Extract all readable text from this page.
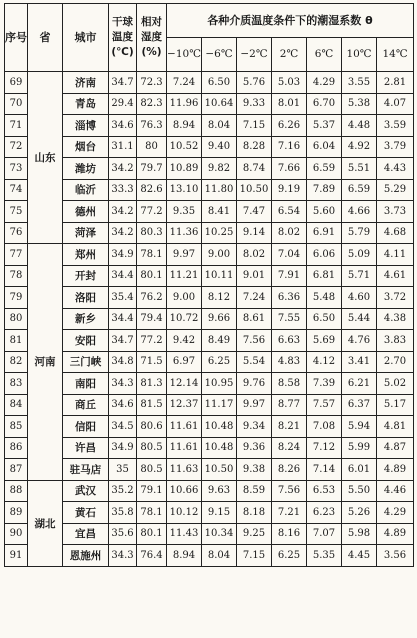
序号	省	城市	干球温度(℃)	相对湿度(%)	各种介质温度条件下的潮湿系数 θ						
					−10℃	−6℃	−2℃	2℃	6℃	10℃	14℃
69	山东	济南	34.7	72.3	7.24	6.50	5.76	5.03	4.29	3.55	2.81
70		青岛	29.4	82.3	11.96	10.64	9.33	8.01	6.70	5.38	4.07
71		淄博	34.6	76.3	8.94	8.04	7.15	6.26	5.37	4.48	3.59
72		烟台	31.1	80	10.52	9.40	8.28	7.16	6.04	4.92	3.79
73		潍坊	34.2	79.7	10.89	9.82	8.74	7.66	6.59	5.51	4.43
74		临沂	33.3	82.6	13.10	11.80	10.50	9.19	7.89	6.59	5.29
75		德州	34.2	77.2	9.35	8.41	7.47	6.54	5.60	4.66	3.73
76		菏泽	34.2	80.3	11.36	10.25	9.14	8.02	6.91	5.79	4.68
77	河南	郑州	34.9	78.1	9.97	9.00	8.02	7.04	6.06	5.09	4.11
78		开封	34.4	80.1	11.21	10.11	9.01	7.91	6.81	5.71	4.61
79		洛阳	35.4	76.2	9.00	8.12	7.24	6.36	5.48	4.60	3.72
80		新乡	34.4	79.4	10.72	9.66	8.61	7.55	6.50	5.44	4.38
81		安阳	34.7	77.2	9.42	8.49	7.56	6.63	5.69	4.76	3.83
82		三门峡	34.8	71.5	6.97	6.25	5.54	4.83	4.12	3.41	2.70
83		南阳	34.3	81.3	12.14	10.95	9.76	8.58	7.39	6.21	5.02
84		商丘	34.6	81.5	12.37	11.17	9.97	8.77	7.57	6.37	5.17
85		信阳	34.5	80.6	11.61	10.48	9.34	8.21	7.08	5.94	4.81
86		许昌	34.9	80.5	11.61	10.48	9.36	8.24	7.12	5.99	4.87
87		驻马店	35	80.5	11.63	10.50	9.38	8.26	7.14	6.01	4.89
88	湖北	武汉	35.2	79.1	10.66	9.63	8.59	7.56	6.53	5.50	4.46
89		黄石	35.8	78.1	10.12	9.15	8.18	7.21	6.23	5.26	4.29
90		宜昌	35.6	80.1	11.43	10.34	9.25	8.16	7.07	5.98	4.89
91		恩施州	34.3	76.4	8.94	8.04	7.15	6.25	5.35	4.45	3.56
